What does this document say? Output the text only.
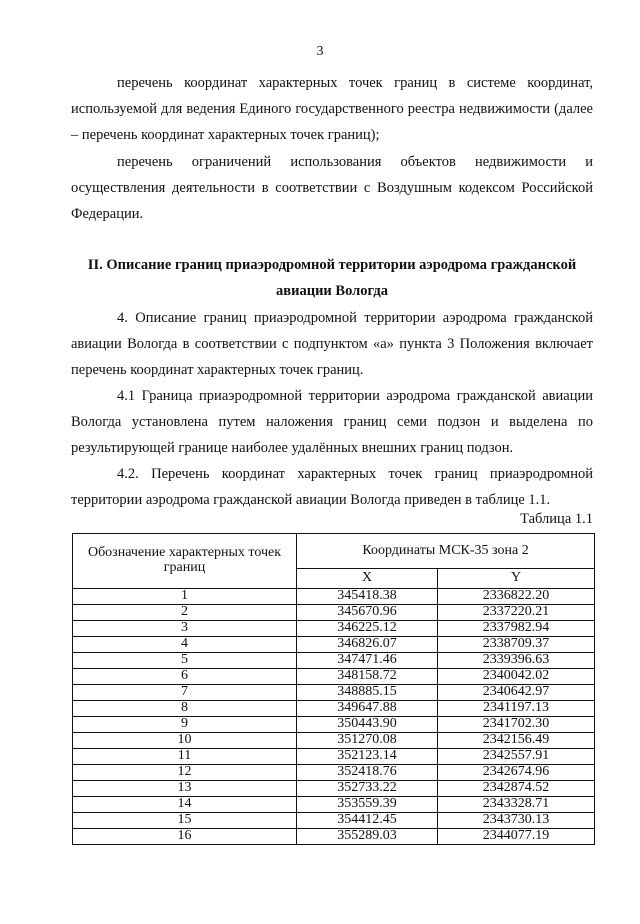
3
перечень координат характерных точек границ в системе координат,
используемой для ведения Единого государственного реестра недвижимости (далее
– перечень координат характерных точек границ);
перечень ограничений использования объектов недвижимости и
осуществления деятельности в соответствии с Воздушным кодексом Российской
Федерации.
II. Описание границ приаэродромной территории аэродрома гражданской
авиации Вологда
4. Описание границ приаэродромной территории аэродрома гражданской
авиации Вологда в соответствии с подпунктом «а» пункта 3 Положения включает
перечень координат характерных точек границ.
4.1 Граница приаэродромной территории аэродрома гражданской авиации
Вологда установлена путем наложения границ семи подзон и выделена по
результирующей границе наиболее удалённых внешних границ подзон.
4.2. Перечень координат характерных точек границ приаэродромной
территории аэродрома гражданской авиации Вологда приведен в таблице 1.1.
Таблица 1.1
Обозначение характерных точек границ	Координаты МСК-35 зона 2	
	X	Y
1	345418.38	2336822.20
2	345670.96	2337220.21
3	346225.12	2337982.94
4	346826.07	2338709.37
5	347471.46	2339396.63
6	348158.72	2340042.02
7	348885.15	2340642.97
8	349647.88	2341197.13
9	350443.90	2341702.30
10	351270.08	2342156.49
11	352123.14	2342557.91
12	352418.76	2342674.96
13	352733.22	2342874.52
14	353559.39	2343328.71
15	354412.45	2343730.13
16	355289.03	2344077.19
